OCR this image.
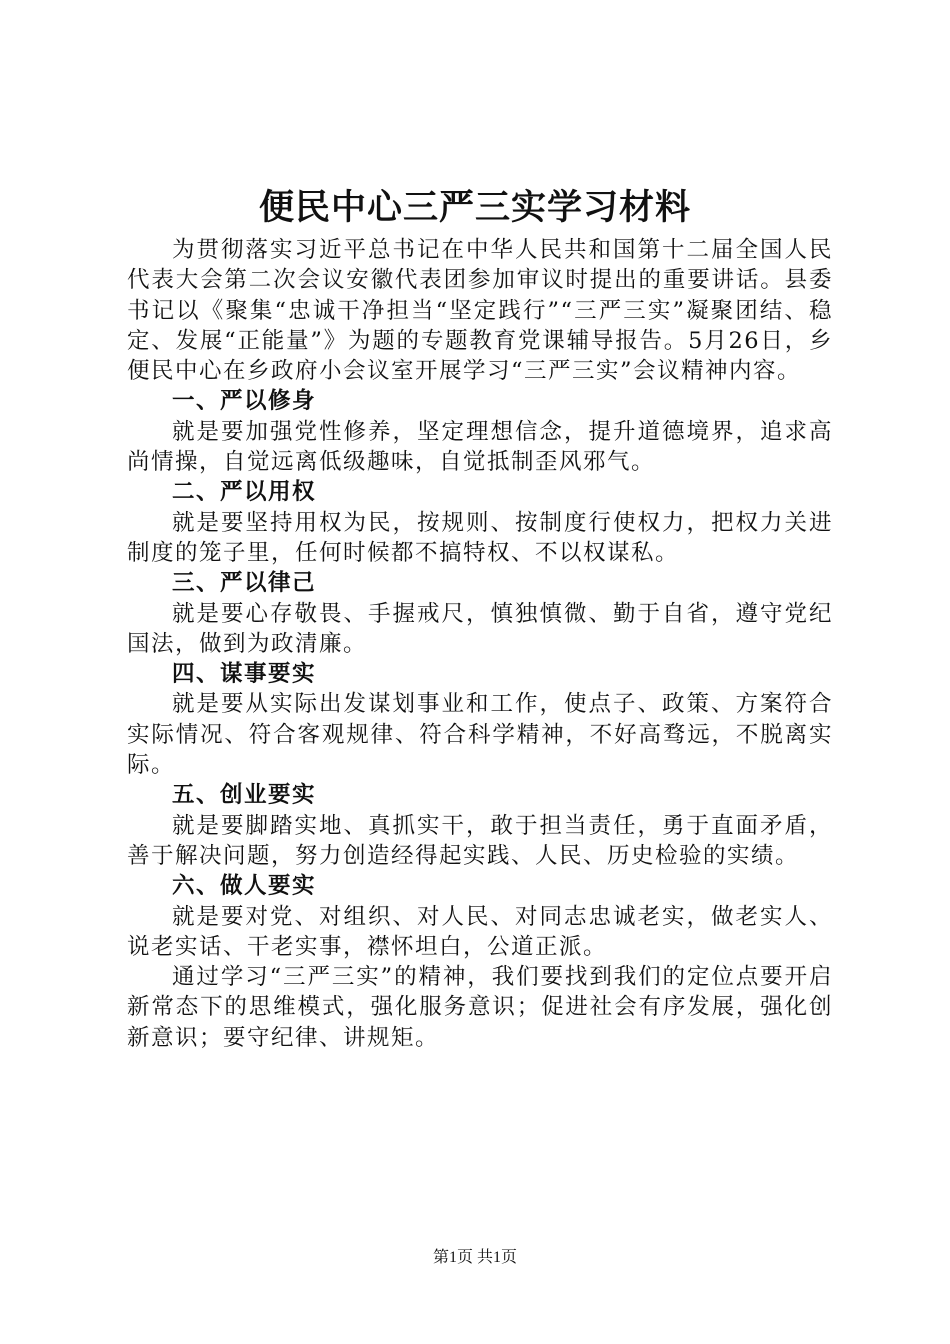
便民中心三严三实学习材料

为贯彻落实习近平总书记在中华人民共和国第十二届全国人民代表大会第二次会议安徽代表团参加审议时提出的重要讲话。县委书记以《聚集“忠诚干净担当“坚定践行”“三严三实”凝聚团结、稳定、发展“正能量”》为题的专题教育党课辅导报告。5月26日，乡便民中心在乡政府小会议室开展学习“三严三实”会议精神内容。

一、严以修身

就是要加强党性修养，坚定理想信念，提升道德境界，追求高尚情操，自觉远离低级趣味，自觉抵制歪风邪气。

二、严以用权

就是要坚持用权为民，按规则、按制度行使权力，把权力关进制度的笼子里，任何时候都不搞特权、不以权谋私。

三、严以律己

就是要心存敬畏、手握戒尺，慎独慎微、勤于自省，遵守党纪国法，做到为政清廉。

四、谋事要实

就是要从实际出发谋划事业和工作，使点子、政策、方案符合实际情况、符合客观规律、符合科学精神，不好高骛远，不脱离实际。

五、创业要实

就是要脚踏实地、真抓实干，敢于担当责任，勇于直面矛盾，善于解决问题，努力创造经得起实践、人民、历史检验的实绩。

六、做人要实

就是要对党、对组织、对人民、对同志忠诚老实，做老实人、说老实话、干老实事，襟怀坦白，公道正派。

通过学习“三严三实”的精神，我们要找到我们的定位点要开启新常态下的思维模式，强化服务意识；促进社会有序发展，强化创新意识；要守纪律、讲规矩。

第1页 共1页
